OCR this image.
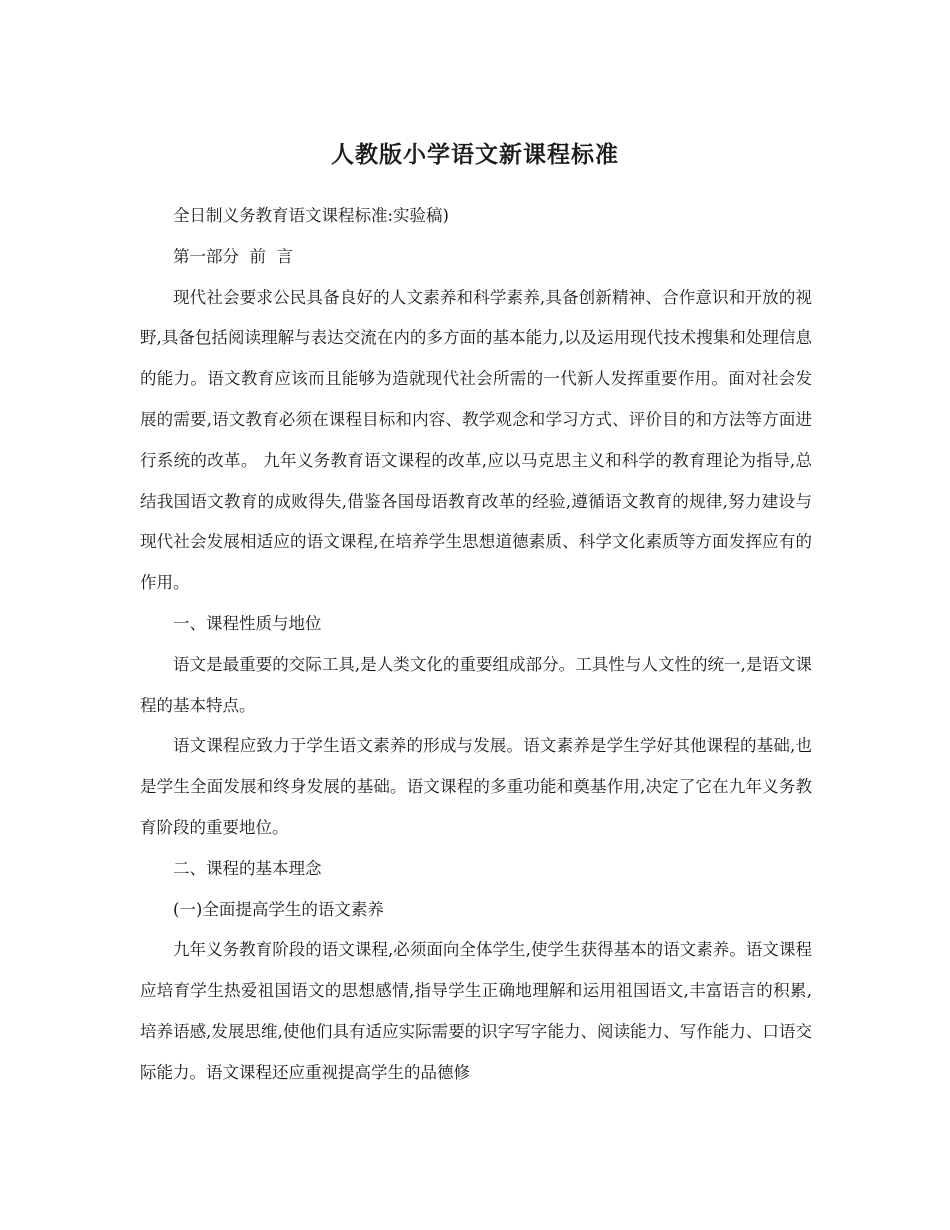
人教版小学语文新课程标准

全日制义务教育语文课程标准:实验稿)

第一部分  前  言

现代社会要求公民具备良好的人文素养和科学素养,具备创新精神、合作意识和开放的视野,具备包括阅读理解与表达交流在内的多方面的基本能力,以及运用现代技术搜集和处理信息的能力。语文教育应该而且能够为造就现代社会所需的一代新人发挥重要作用。面对社会发展的需要,语文教育必须在课程目标和内容、教学观念和学习方式、评价目的和方法等方面进行系统的改革。 九年义务教育语文课程的改革,应以马克思主义和科学的教育理论为指导,总结我国语文教育的成败得失,借鉴各国母语教育改革的经验,遵循语文教育的规律,努力建设与现代社会发展相适应的语文课程,在培养学生思想道德素质、科学文化素质等方面发挥应有的作用。

一、课程性质与地位

语文是最重要的交际工具,是人类文化的重要组成部分。工具性与人文性的统一,是语文课程的基本特点。

语文课程应致力于学生语文素养的形成与发展。语文素养是学生学好其他课程的基础,也是学生全面发展和终身发展的基础。语文课程的多重功能和奠基作用,决定了它在九年义务教育阶段的重要地位。

二、课程的基本理念

(一)全面提高学生的语文素养

九年义务教育阶段的语文课程,必须面向全体学生,使学生获得基本的语文素养。语文课程应培育学生热爱祖国语文的思想感情,指导学生正确地理解和运用祖国语文,丰富语言的积累,培养语感,发展思维,使他们具有适应实际需要的识字写字能力、阅读能力、写作能力、口语交际能力。语文课程还应重视提高学生的品德修
